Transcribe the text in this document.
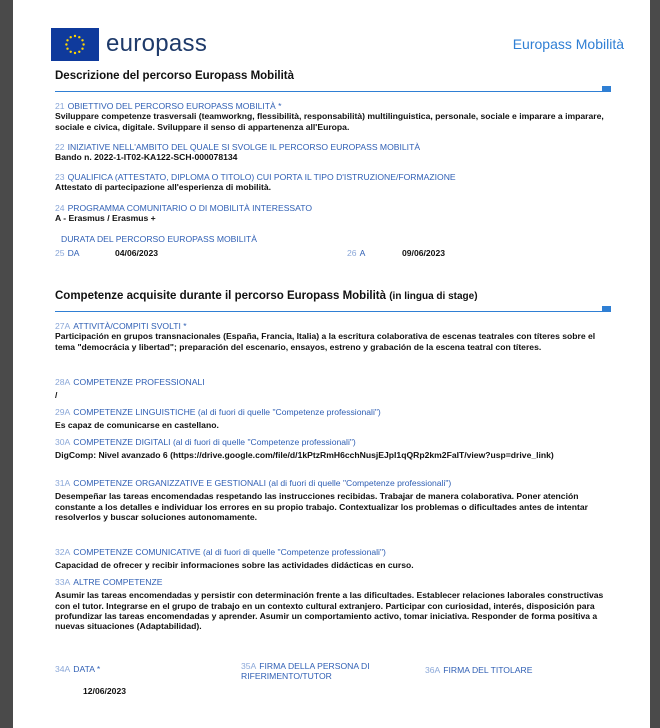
europass	Europass Mobilità
Descrizione del percorso Europass Mobilità
21 OBIETTIVO DEL PERCORSO EUROPASS MOBILITÀ *
Sviluppare competenze trasversali (teamworkng, flessibilità, responsabilità) multilinguistica, personale, sociale e imparare a imparare, sociale e civica, digitale. Sviluppare il senso di appartenenza all'Europa.
22 INIZIATIVE NELL'AMBITO DEL QUALE SI SVOLGE IL PERCORSO EUROPASS MOBILITÀ
Bando n. 2022-1-IT02-KA122-SCH-000078134
23 QUALIFICA (ATTESTATO, DIPLOMA O TITOLO) CUI PORTA IL TIPO D'ISTRUZIONE/FORMAZIONE
Attestato di partecipazione all'esperienza di mobilità.
24 PROGRAMMA COMUNITARIO O DI MOBILITÀ INTERESSATO
A - Erasmus / Erasmus +
DURATA DEL PERCORSO EUROPASS MOBILITÀ
25 DA	04/06/2023	26 A	09/06/2023
Competenze acquisite durante il percorso Europass Mobilità (in lingua di stage)
27A ATTIVITÀ/COMPITI SVOLTI *
Participación en grupos transnacionales (España, Francia, Italia) a la escritura colaborativa de escenas teatrales con títeres sobre el tema "democrácia y libertad"; preparación del escenario, ensayos, estreno y grabación de la escena teatral con títeres.
28A COMPETENZE PROFESSIONALI
/
29A COMPETENZE LINGUISTICHE (al di fuori di quelle "Competenze professionali")
Es capaz de comunicarse en castellano.
30A COMPETENZE DIGITALI (al di fuori di quelle "Competenze professionali")
DigComp: Nivel avanzado 6 (https://drive.google.com/file/d/1kPtzRmH6cchNusjEJpI1qQRp2km2FaIT/view?usp=drive_link)
31A COMPETENZE ORGANIZZATIVE E GESTIONALI (al di fuori di quelle "Competenze professionali")
Desempeñar las tareas encomendadas respetando las instrucciones recibidas. Trabajar de manera colaborativa. Poner atención constante a los detalles e individuar los errores en su propio trabajo. Contextualizar los problemas o dificultades antes de intentar resolverlos y buscar soluciones autonomamente.
32A COMPETENZE COMUNICATIVE (al di fuori di quelle "Competenze professionali")
Capacidad de ofrecer y recibir informaciones sobre las actividades didácticas en curso.
33A ALTRE COMPETENZE
Asumir las tareas encomendadas y persistir con determinación frente a las dificultades. Establecer relaciones laborales constructivas con el tutor. Integrarse en el grupo de trabajo en un contexto cultural extranjero. Participar con curiosidad, interés, disposición para profundizar las tareas encomendadas y aprender. Asumir un comportamiento activo, tomar iniciativa. Responder de forma positiva a nuevas situaciones (Adaptabilidad).
34A DATA *
12/06/2023
35A FIRMA DELLA PERSONA DI RIFERIMENTO/TUTOR
36A FIRMA DEL TITOLARE
